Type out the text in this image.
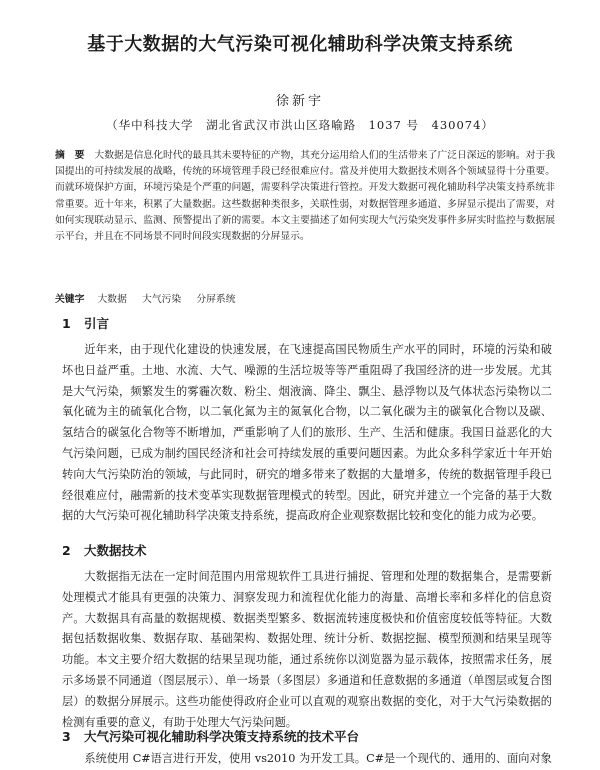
基于大数据的大气污染可视化辅助科学决策支持系统
徐新宇
（华中科技大学　湖北省武汉市洪山区珞喻路　1037 号　430074）
摘　要 大数据是信息化时代的最具其未要特征的产物，其充分运用给人们的生活带来了广泛日深远的影响。对于我国提出的可持续发展的战略，传统的环境管理手段已经很难应付。當及并使用大数据技术则各个领域显得十分重要。而就环境保护方面，环境污染是个严重的问题，需要科学决策进行管控。开发大数据可视化辅助科学决策支持系统非常重要。近十年来，积累了大量数据。这些数据种类很多，关联性弱，对数据管理多通道、多屏显示提出了需要，对如何实现联动显示、监测、预警提出了新的需要。本文主要描述了如何实现大气污染突发事件多屏实时监控与数据展示平台，并且在不同场景不同时间段实现数据的分屏显示。
关键字 大数据 大气污染 分屏系统
1 引言
近年来，由于现代化建设的快速发展，在飞速提高国民物质生产水平的同时，环境的污染和破坏也日益严重。土地、水流、大气、噪源的生活垃圾等等严重阻碍了我国经济的进一步发展。尤其是大气污染，频繁发生的雾霾次数、粉尘、烟液滴、降尘、飘尘、悬浮物以及气体状态污染物以二氧化硫为主的硫氧化合物，以二氧化氮为主的氮氧化合物，以二氧化碳为主的碳氧化合物以及碳、氢结合的碳氢化合物等不断增加，严重影响了人们的旅形、生产、生活和健康。我国日益恶化的大气污染问题，已成为制约国民经济和社会可持续发展的重要问题因素。为此众多科学家近十年开始转向大气污染防治的领域，与此同时，研究的增多带来了数据的大量增多，传统的数据管理手段已经很难应付，融需新的技术变革实现数据管理模式的转型。因此，研究并建立一个完备的基于大数据的大气污染可视化辅助科学决策支持系统，提高政府企业观察数据比较和变化的能力成为必要。
2 大数据技术
大数据指无法在一定时间范围内用常规软件工具进行捕捉、管理和处理的数据集合，是需要新处理模式才能具有更强的决策力、洞察发现力和流程优化能力的海量、高增长率和多样化的信息资产。大数据具有高量的数据规模、数据类型繁多、数据流转速度极快和价值密度较低等特征。大数据包括数据收集、数据存取、基础架构、数据处理、统计分析、数据挖掘、模型预测和结果呈现等功能。本文主要介绍大数据的结果呈现功能，通过系统你以浏览器为显示载体，按照需求任务，展示多场景不同通道（图层展示）、单一场景（多图层）多通道和任意数据的多通道（单图层或复合图层）的数据分屏展示。这些功能使得政府企业可以直观的观察出数据的变化，对于大气污染数据的检测有重要的意义，有助于处理大气污染问题。
3 大气污染可视化辅助科学决策支持系统的技术平台
系统使用 C#语言进行开发，使用 vs2010 为开发工具。C#是一个现代的、通用的、面向对象
